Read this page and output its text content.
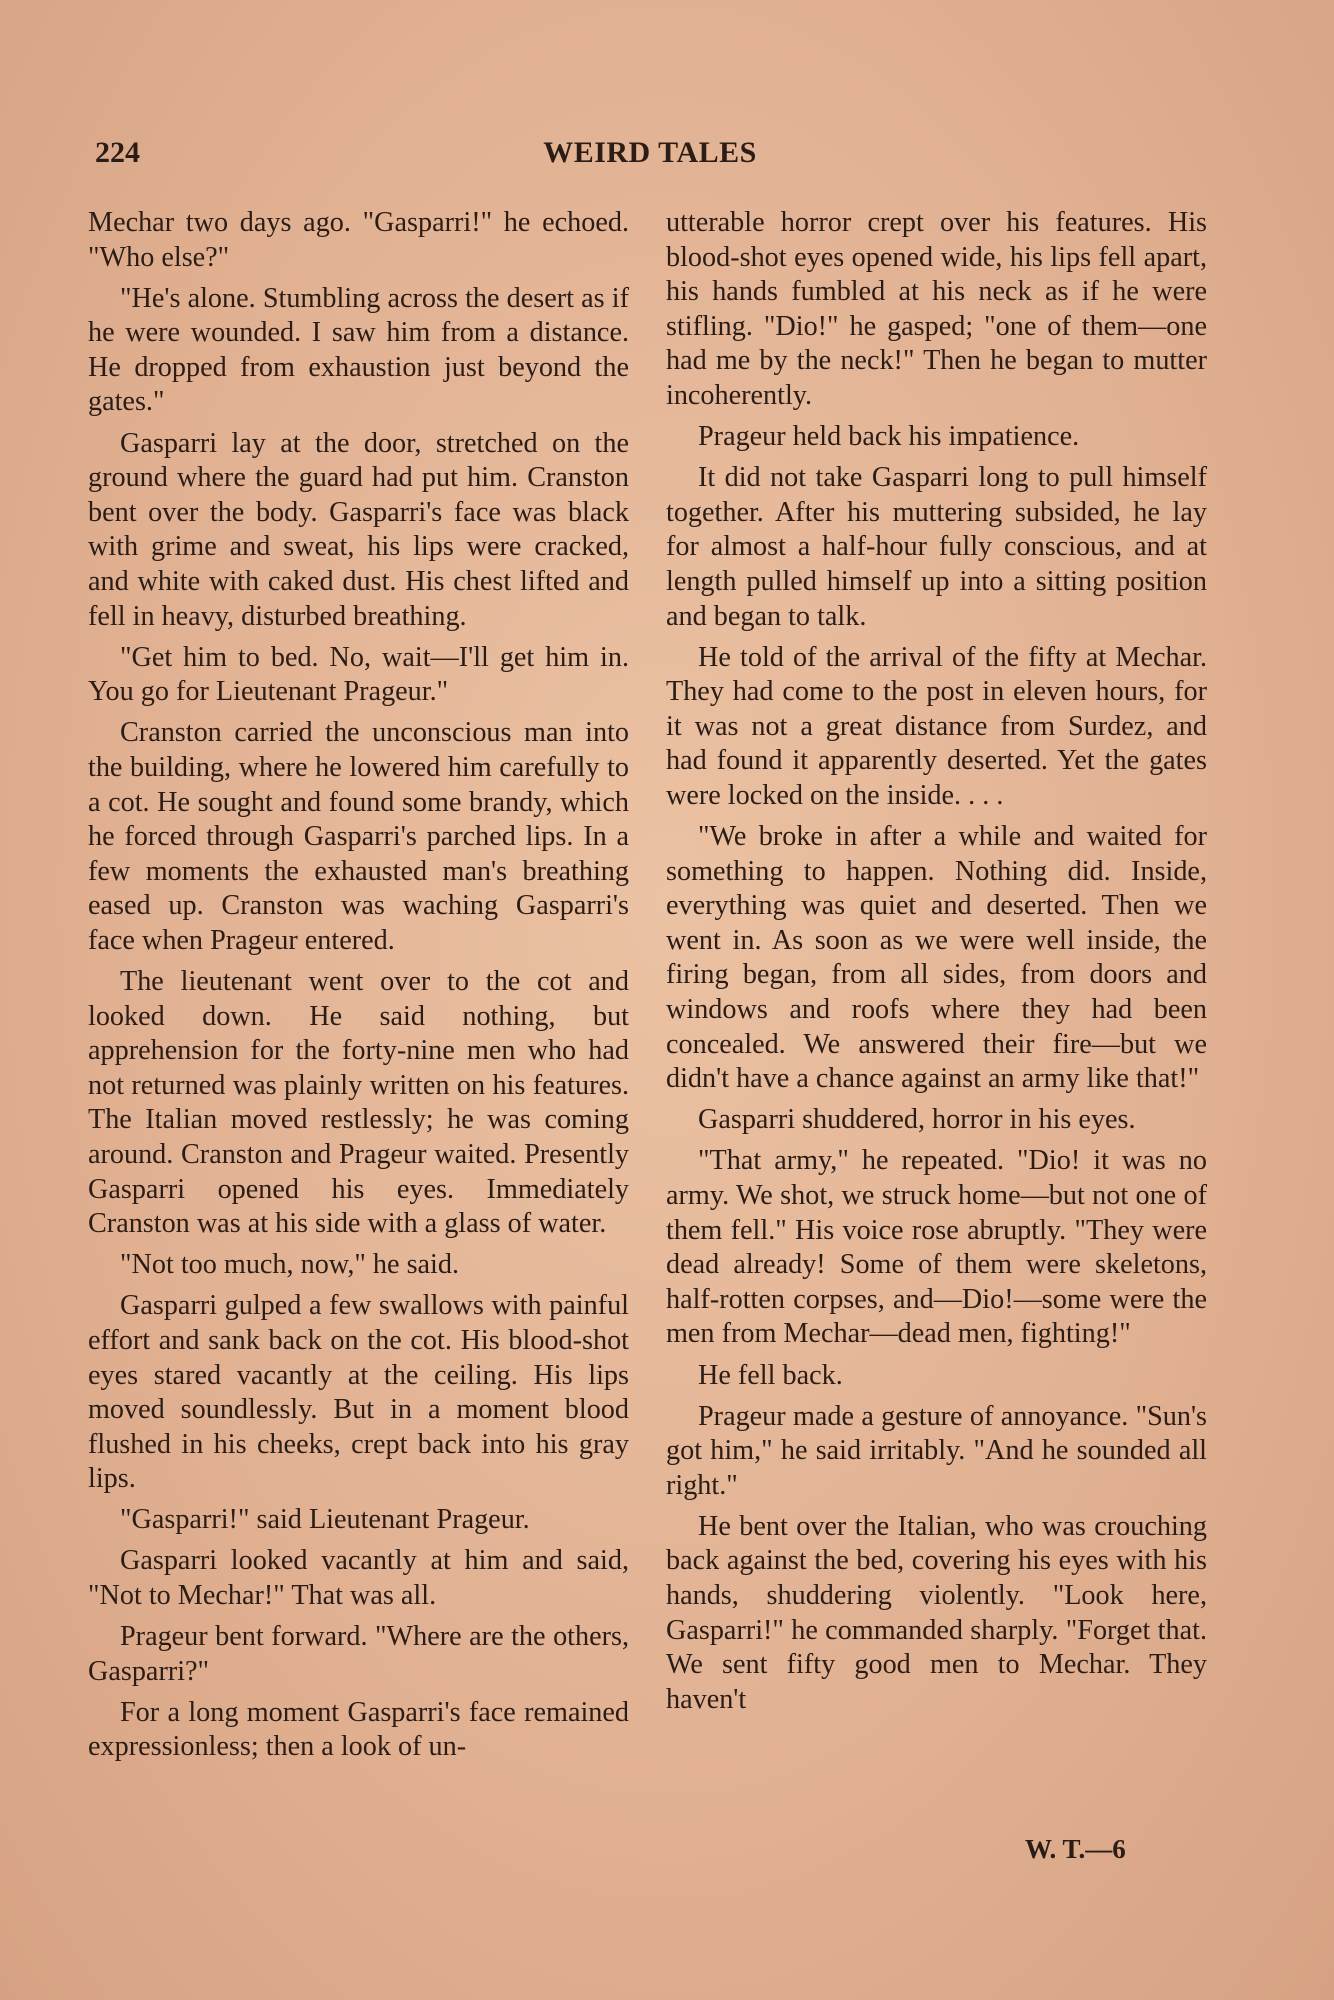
224	WEIRD TALES

Mechar two days ago. "Gasparri!" he echoed. "Who else?"

"He's alone. Stumbling across the desert as if he were wounded. I saw him from a distance. He dropped from exhaustion just beyond the gates."

Gasparri lay at the door, stretched on the ground where the guard had put him. Cranston bent over the body. Gasparri's face was black with grime and sweat, his lips were cracked, and white with caked dust. His chest lifted and fell in heavy, disturbed breathing.

"Get him to bed. No, wait—I'll get him in. You go for Lieutenant Prageur."

Cranston carried the unconscious man into the building, where he lowered him carefully to a cot. He sought and found some brandy, which he forced through Gasparri's parched lips. In a few moments the exhausted man's breathing eased up. Cranston was waching Gasparri's face when Prageur entered.

The lieutenant went over to the cot and looked down. He said nothing, but apprehension for the forty-nine men who had not returned was plainly written on his features. The Italian moved restlessly; he was coming around. Cranston and Prageur waited. Presently Gasparri opened his eyes. Immediately Cranston was at his side with a glass of water.

"Not too much, now," he said.

Gasparri gulped a few swallows with painful effort and sank back on the cot. His blood-shot eyes stared vacantly at the ceiling. His lips moved soundlessly. But in a moment blood flushed in his cheeks, crept back into his gray lips.

"Gasparri!" said Lieutenant Prageur.

Gasparri looked vacantly at him and said, "Not to Mechar!" That was all.

Prageur bent forward. "Where are the others, Gasparri?"

For a long moment Gasparri's face remained expressionless; then a look of un-

utterable horror crept over his features. His blood-shot eyes opened wide, his lips fell apart, his hands fumbled at his neck as if he were stifling. "Dio!" he gasped; "one of them—one had me by the neck!" Then he began to mutter incoherently.

Prageur held back his impatience.

It did not take Gasparri long to pull himself together. After his muttering subsided, he lay for almost a half-hour fully conscious, and at length pulled himself up into a sitting position and began to talk.

He told of the arrival of the fifty at Mechar. They had come to the post in eleven hours, for it was not a great distance from Surdez, and had found it apparently deserted. Yet the gates were locked on the inside. . . .

"We broke in after a while and waited for something to happen. Nothing did. Inside, everything was quiet and deserted. Then we went in. As soon as we were well inside, the firing began, from all sides, from doors and windows and roofs where they had been concealed. We answered their fire—but we didn't have a chance against an army like that!"

Gasparri shuddered, horror in his eyes.

"That army," he repeated. "Dio! it was no army. We shot, we struck home—but not one of them fell." His voice rose abruptly. "They were dead already! Some of them were skeletons, half-rotten corpses, and—Dio!—some were the men from Mechar—dead men, fighting!"

He fell back.

Prageur made a gesture of annoyance. "Sun's got him," he said irritably. "And he sounded all right."

He bent over the Italian, who was crouching back against the bed, covering his eyes with his hands, shuddering violently. "Look here, Gasparri!" he commanded sharply. "Forget that. We sent fifty good men to Mechar. They haven't

W. T.—6
